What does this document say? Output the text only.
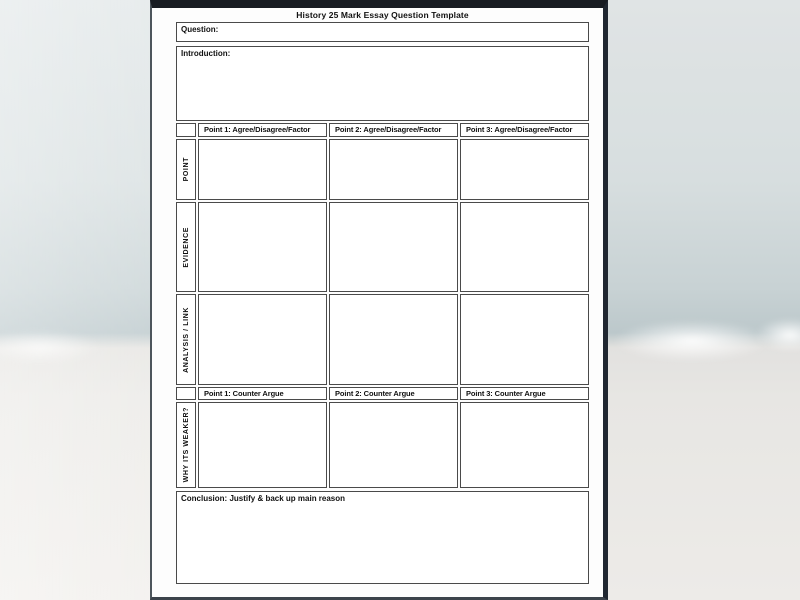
History 25 Mark Essay Question Template
Question:
Introduction:
Point 1: Agree/Disagree/Factor	Point 2: Agree/Disagree/Factor	Point 3: Agree/Disagree/Factor
POINT
EVIDENCE
ANALYSIS / LINK
Point 1: Counter Argue	Point 2: Counter Argue	Point 3: Counter Argue
WHY ITS WEAKER?
Conclusion: Justify & back up main reason
